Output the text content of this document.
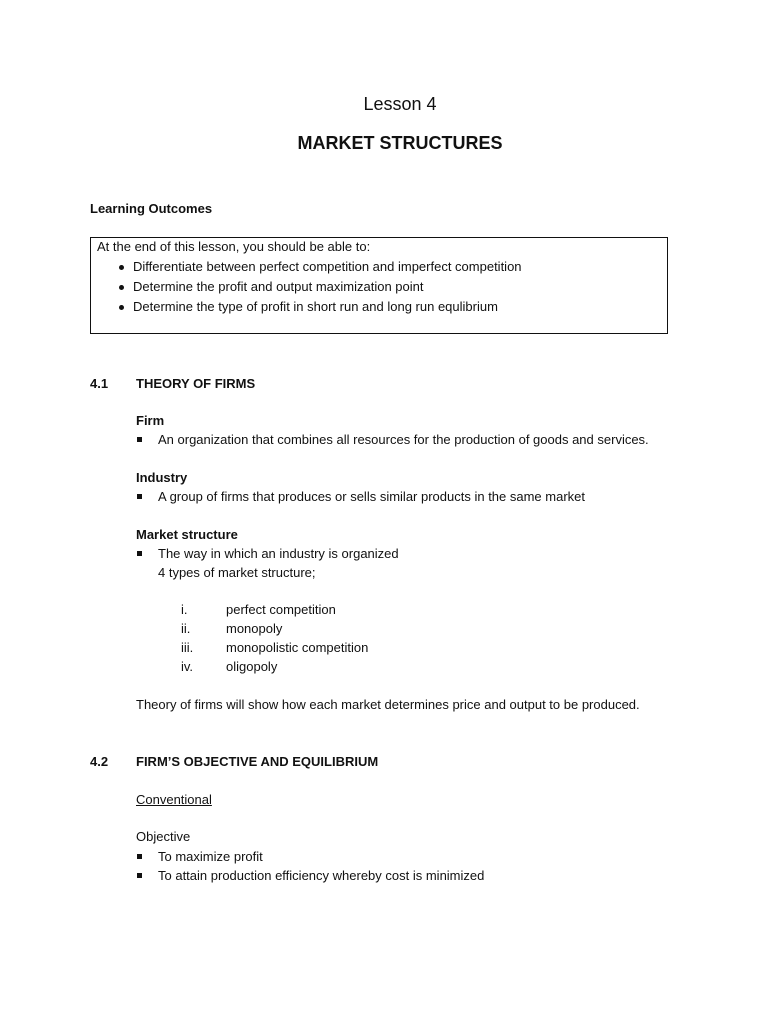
Lesson 4
MARKET STRUCTURES
Learning Outcomes
At the end of this lesson, you should be able to:
Differentiate between perfect competition and imperfect competition
Determine the profit and output maximization point
Determine the type of profit in short run and long run equlibrium
4.1 THEORY OF FIRMS
Firm
An organization that combines all resources for the production of goods and services.
Industry
A group of firms that produces or sells similar products in the same market
Market structure
The way in which an industry is organized
4 types of market structure;
i.	perfect competition
ii.	monopoly
iii.	monopolistic competition
iv.	oligopoly
Theory of firms will show how each market determines price and output to be produced.
4.2 FIRM’S OBJECTIVE AND EQUILIBRIUM
Conventional
Objective
To maximize profit
To attain production efficiency whereby cost is minimized
